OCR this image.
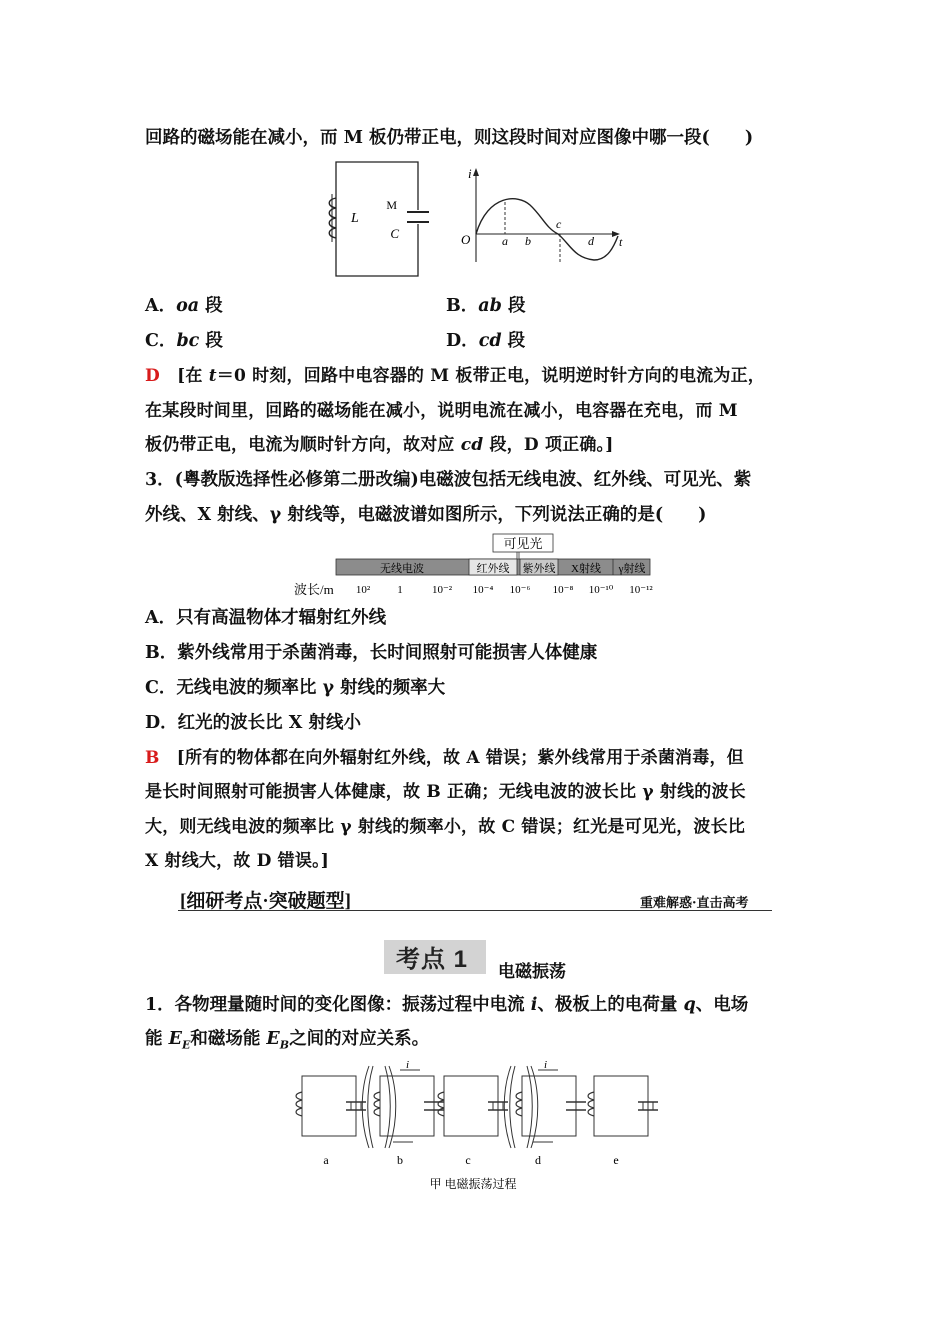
回路的磁场能在减小，而 M 板仍带正电，则这段时间对应图像中哪一段(　　)
L
M
C
i
O	a b
c
d t
A．oa 段	B．ab 段
C．bc 段	D．cd 段
D　 [在 t＝0 时刻，回路中电容器的 M 板带正电，说明逆时针方向的电流为正，
在某段时间里，回路的磁场能在减小，说明电流在减小，电容器在充电，而 M
板仍带正电，电流为顺时针方向，故对应 cd 段，D 项正确。]
3．(粤教版选择性必修第二册改编)电磁波包括无线电波、红外线、可见光、紫
外线、X 射线、γ 射线等，电磁波谱如图所示，下列说法正确的是(　　)
可见光
无线电波	红外线 紫外线 X射线 γ射线
波长/m 10² 1	10⁻² 10⁻⁴ 10⁻⁶ 10⁻⁸ 10⁻¹⁰ 10⁻¹²
A．只有高温物体才辐射红外线
B．紫外线常用于杀菌消毒，长时间照射可能损害人体健康
C．无线电波的频率比 γ 射线的频率大
D．红光的波长比 X 射线小
B　 [所有的物体都在向外辐射红外线，故 A 错误；紫外线常用于杀菌消毒，但
是长时间照射可能损害人体健康，故 B 正确；无线电波的波长比 γ 射线的波长
大，则无线电波的频率比 γ 射线的频率小，故 C 错误；红光是可见光，波长比
X 射线大，故 D 错误。]
[细研考点·突破题型]	重难解惑·直击高考
考点 1 电磁振荡
1．各物理量随时间的变化图像：振荡过程中电流 i、极板上的电荷量 q、电场
能 $E_E$和磁场能 $E_B$之间的对应关系。
i	i
a	b	c	d	e
甲 电磁振荡过程
